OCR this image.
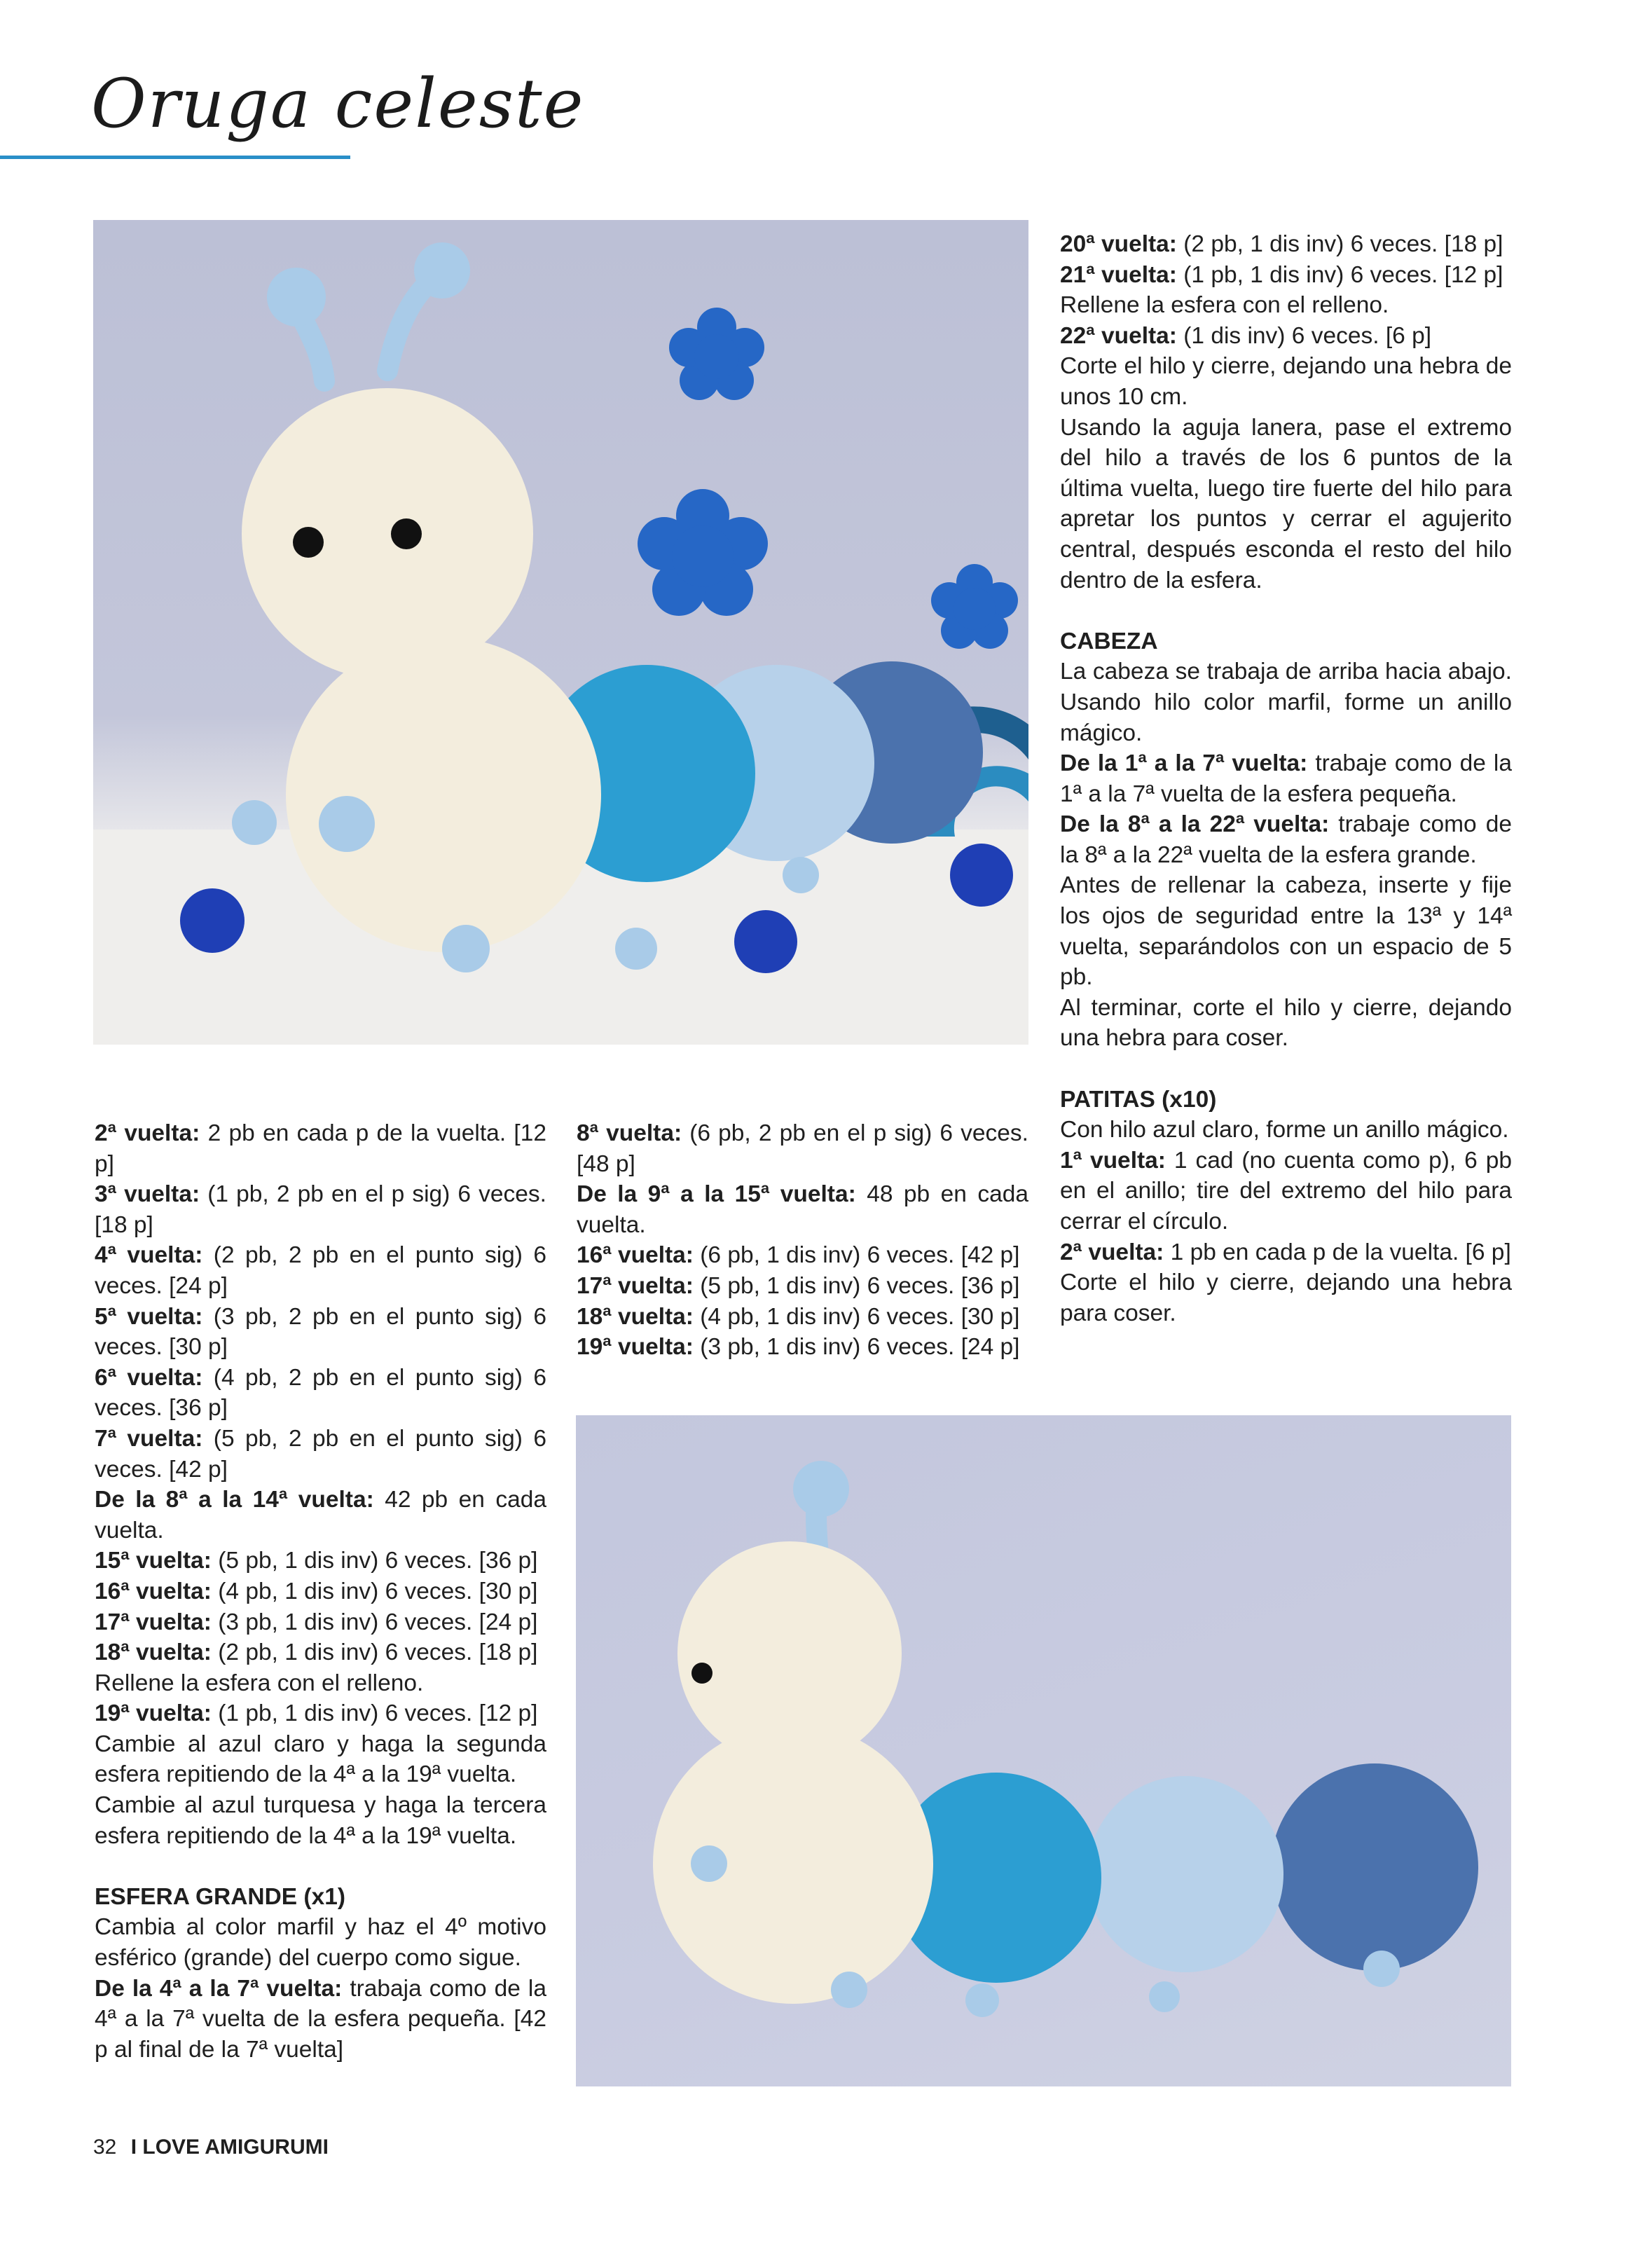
Oruga celeste

2ª vuelta: 2 pb en cada p de la vuelta. [12 p]

3ª vuelta: (1 pb, 2 pb en el p sig) 6 veces. [18 p]

4ª vuelta: (2 pb, 2 pb en el punto sig) 6 veces. [24 p]

5ª vuelta: (3 pb, 2 pb en el punto sig) 6 veces. [30 p]

6ª vuelta: (4 pb, 2 pb en el punto sig) 6 veces. [36 p]

7ª vuelta: (5 pb, 2 pb en el punto sig) 6 veces. [42 p]

De la 8ª a la 14ª vuelta: 42 pb en cada vuelta.

15ª vuelta: (5 pb, 1 dis inv) 6 veces. [36 p]

16ª vuelta: (4 pb, 1 dis inv) 6 veces. [30 p]

17ª vuelta: (3 pb, 1 dis inv) 6 veces. [24 p]

18ª vuelta: (2 pb, 1 dis inv) 6 veces. [18 p]

Rellene la esfera con el relleno.

19ª vuelta: (1 pb, 1 dis inv) 6 veces. [12 p]

Cambie al azul claro y haga la segunda esfera repitiendo de la 4ª a la 19ª vuelta.

Cambie al azul turquesa y haga la tercera esfera repitiendo de la 4ª a la 19ª vuelta.

ESFERA GRANDE (x1)

Cambia al color marfil y haz el 4º motivo esférico (grande) del cuerpo como sigue.

De la 4ª a la 7ª vuelta: trabaja como de la 4ª a la 7ª vuelta de la esfera pequeña. [42 p al final de la 7ª vuelta]

8ª vuelta: (6 pb, 2 pb en el p sig) 6 veces. [48 p]

De la 9ª a la 15ª vuelta: 48 pb en cada vuelta.

16ª vuelta: (6 pb, 1 dis inv) 6 veces. [42 p]

17ª vuelta: (5 pb, 1 dis inv) 6 veces. [36 p]

18ª vuelta: (4 pb, 1 dis inv) 6 veces. [30 p]

19ª vuelta: (3 pb, 1 dis inv) 6 veces. [24 p]

20ª vuelta: (2 pb, 1 dis inv) 6 veces. [18 p]

21ª vuelta: (1 pb, 1 dis inv) 6 veces. [12 p]

Rellene la esfera con el relleno.

22ª vuelta: (1 dis inv) 6 veces. [6 p]

Corte el hilo y cierre, dejando una hebra de unos 10 cm.

Usando la aguja lanera, pase el extremo del hilo a través de los 6 puntos de la última vuelta, luego tire fuerte del hilo para apretar los puntos y cerrar el agujerito central, después esconda el resto del hilo dentro de la esfera.

CABEZA

La cabeza se trabaja de arriba hacia abajo. Usando hilo color marfil, forme un anillo mágico.

De la 1ª a la 7ª vuelta: trabaje como de la 1ª a la 7ª vuelta de la esfera pequeña.

De la 8ª a la 22ª vuelta: trabaje como de la 8ª a la 22ª vuelta de la esfera grande.

Antes de rellenar la cabeza, inserte y fije los ojos de seguridad entre la 13ª y 14ª vuelta, separándolos con un espacio de 5 pb.

Al terminar, corte el hilo y cierre, dejando una hebra para coser.

PATITAS (x10)

Con hilo azul claro, forme un anillo mágico.

1ª vuelta: 1 cad (no cuenta como p), 6 pb en el anillo; tire del extremo del hilo para cerrar el círculo.

2ª vuelta: 1 pb en cada p de la vuelta. [6 p]

Corte el hilo y cierre, dejando una hebra para coser.

32 I LOVE AMIGURUMI
